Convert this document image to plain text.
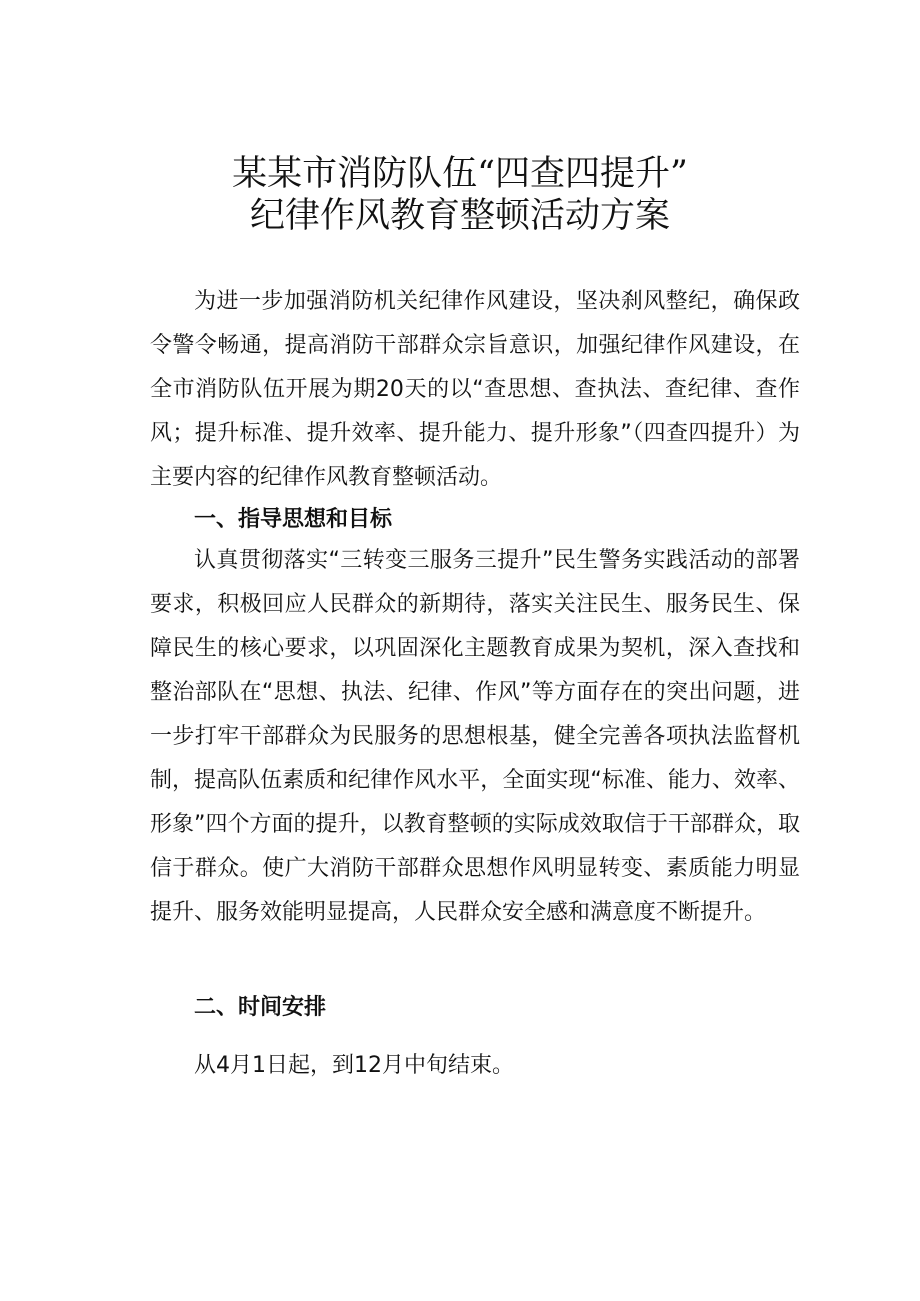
某某市消防队伍“四查四提升”
纪律作风教育整顿活动方案

为进一步加强消防机关纪律作风建设，坚决刹风整纪，确保政令警令畅通，提高消防干部群众宗旨意识，加强纪律作风建设，在全市消防队伍开展为期20天的以“查思想、查执法、查纪律、查作风；提升标准、提升效率、提升能力、提升形象”（四查四提升）为主要内容的纪律作风教育整顿活动。

一、指导思想和目标

认真贯彻落实“三转变三服务三提升”民生警务实践活动的部署要求，积极回应人民群众的新期待，落实关注民生、服务民生、保障民生的核心要求，以巩固深化主题教育成果为契机，深入查找和整治部队在“思想、执法、纪律、作风”等方面存在的突出问题，进一步打牢干部群众为民服务的思想根基，健全完善各项执法监督机制，提高队伍素质和纪律作风水平，全面实现“标准、能力、效率、形象”四个方面的提升，以教育整顿的实际成效取信于干部群众，取信于群众。使广大消防干部群众思想作风明显转变、素质能力明显提升、服务效能明显提高，人民群众安全感和满意度不断提升。

二、时间安排

从4月1日起，到12月中旬结束。
